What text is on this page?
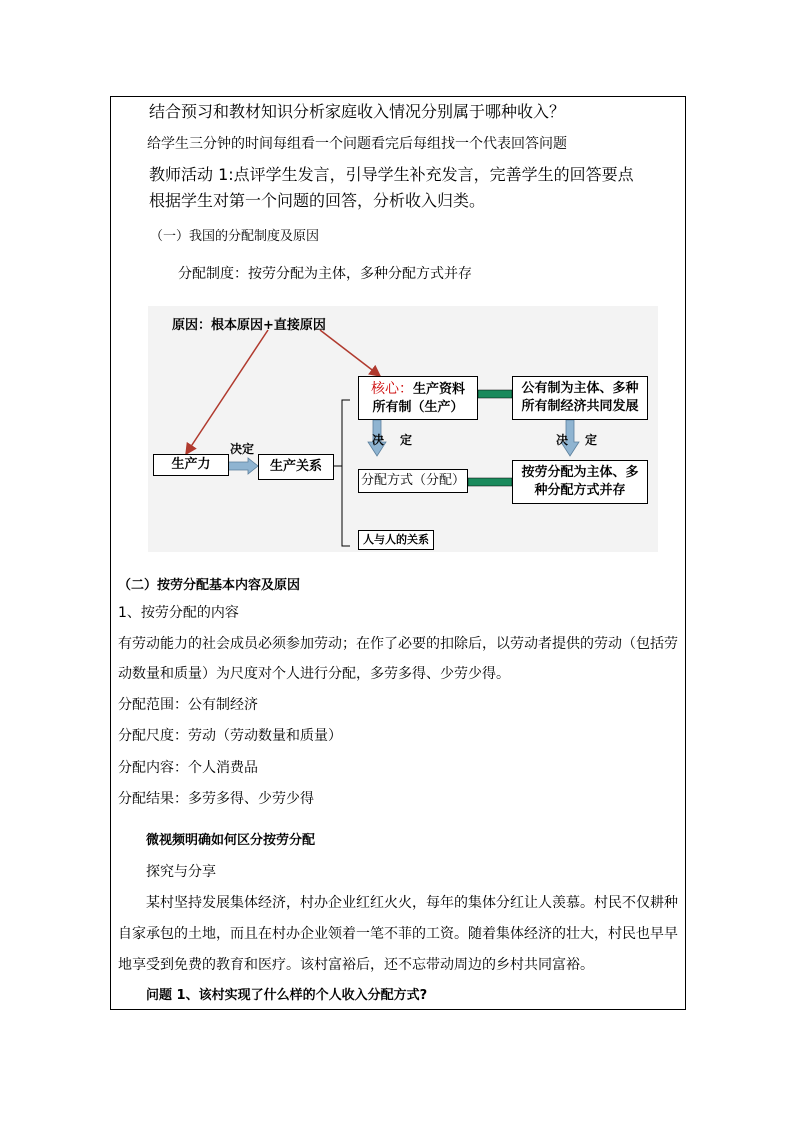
结合预习和教材知识分析家庭收入情况分别属于哪种收入？
给学生三分钟的时间每组看一个问题看完后每组找一个代表回答问题
教师活动 1:点评学生发言，引导学生补充发言，完善学生的回答要点
根据学生对第一个问题的回答，分析收入归类。
（一）我国的分配制度及原因
分配制度：按劳分配为主体，多种分配方式并存
原因：根本原因+直接原因
生产力
决定
生产关系
核心：生产资料
所有制（生产）
公有制为主体、多种
所有制经济共同发展
决 定	决 定
分配方式（分配）
按劳分配为主体、多
种分配方式并存
人与人的关系
（二）按劳分配基本内容及原因
1、按劳分配的内容
有劳动能力的社会成员必须参加劳动；在作了必要的扣除后，以劳动者提供的劳动（包括劳
动数量和质量）为尺度对个人进行分配，多劳多得、少劳少得。
分配范围：公有制经济
分配尺度：劳动（劳动数量和质量）
分配内容：个人消费品
分配结果：多劳多得、少劳少得
微视频明确如何区分按劳分配
探究与分享
某村坚持发展集体经济，村办企业红红火火，每年的集体分红让人羡慕。村民不仅耕种
自家承包的土地，而且在村办企业领着一笔不菲的工资。随着集体经济的壮大，村民也早早
地享受到免费的教育和医疗。该村富裕后，还不忘带动周边的乡村共同富裕。
问题 1、该村实现了什么样的个人收入分配方式?
